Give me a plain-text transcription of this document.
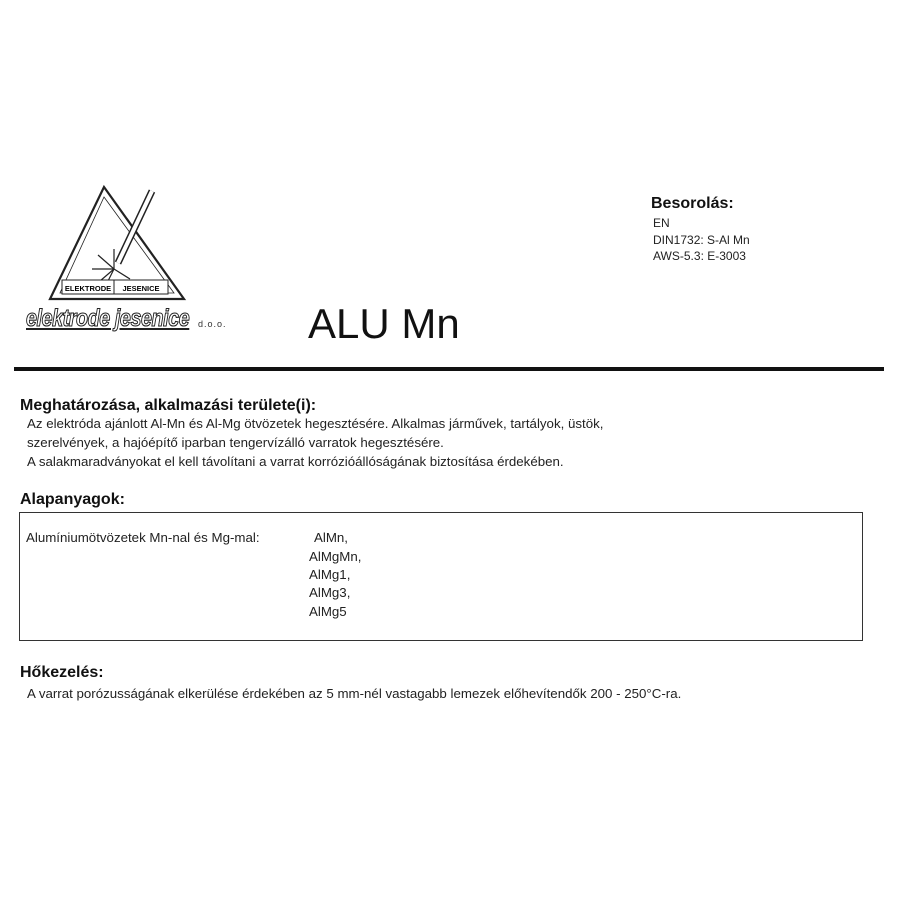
ELEKTRODE JESENICE
elektrode jesenice d.o.o. ALU Mn
Besorolás:
EN
DIN1732: S-Al Mn
AWS-5.3: E-3003
Meghatározása, alkalmazási területe(i):
Az elektróda ajánlott Al-Mn és Al-Mg ötvözetek hegesztésére. Alkalmas járművek, tartályok, üstök,
szerelvények, a hajóépítő iparban tengervízálló varratok hegesztésére.
A salakmaradványokat el kell távolítani a varrat korrózióállóságának biztosítása érdekében.
Alapanyagok:
Alumíniumötvözetek Mn-nal és Mg-mal:	AlMn,
AlMgMn,
AlMg1,
AlMg3,
AlMg5
Hőkezelés:
A varrat porózusságának elkerülése érdekében az 5 mm-nél vastagabb lemezek előhevítendők 200 - 250°C-ra.
